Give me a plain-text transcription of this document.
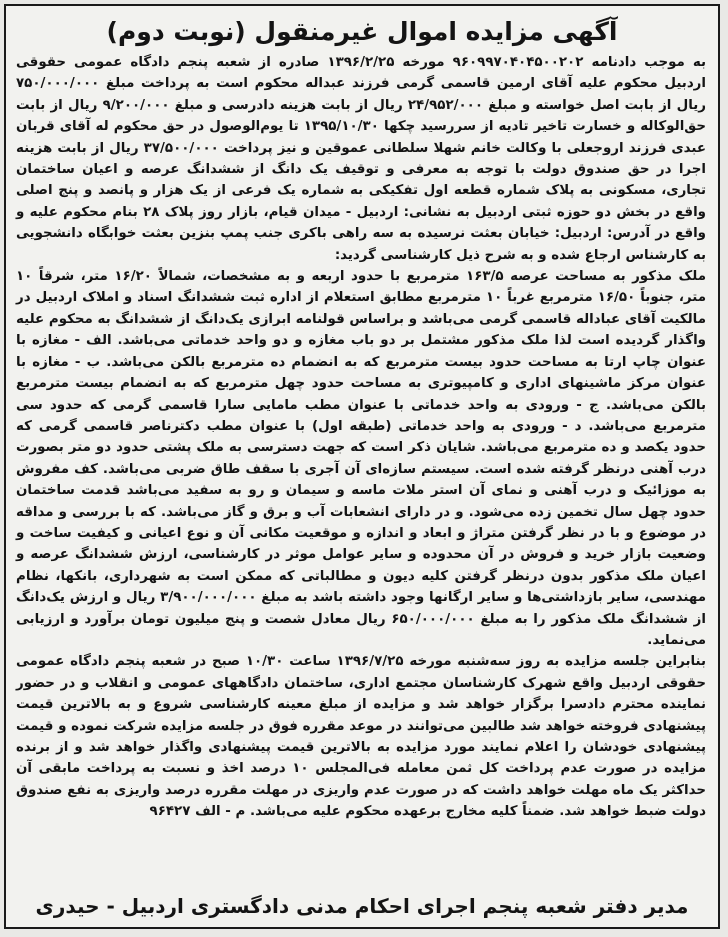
آگهی مزایده اموال غیرمنقول (نوبت دوم)

به موجب دادنامه ۹۶۰۹۹۷۰۴۰۴۵۰۰۲۰۲ مورخه ۱۳۹۶/۲/۲۵ صادره از شعبه پنجم دادگاه عمومی حقوقی اردبیل محکوم علیه آقای ارمین قاسمی گرمی فرزند عبداله محکوم است به پرداخت مبلغ ۷۵۰/۰۰۰/۰۰۰ ریال از بابت اصل خواسته و مبلغ ۲۴/۹۵۲/۰۰۰ ریال از بابت هزینه دادرسی و مبلغ ۹/۲۰۰/۰۰۰ ریال از بابت حق‌الوکاله و خسارت تاخیر تادیه از سررسید چکها ۱۳۹۵/۱۰/۳۰ تا یوم‌الوصول در حق محکوم له آقای قربان عبدی فرزند اروجعلی با وکالت خانم شهلا سلطانی عموقین و نیز پرداخت ۳۷/۵۰۰/۰۰۰ ریال از بابت هزینه اجرا در حق صندوق دولت با توجه به معرفی و توقیف یک دانگ از ششدانگ عرصه و اعیان ساختمان تجاری، مسکونی به پلاک شماره قطعه اول تفکیکی به شماره یک فرعی از یک هزار و پانصد و پنج اصلی واقع در بخش دو حوزه ثبتی اردبیل به نشانی: اردبیل - میدان قیام، بازار روز پلاک ۲۸ بنام محکوم علیه و واقع در آدرس: اردبیل: خیابان بعثت نرسیده به سه راهی باکری جنب پمپ بنزین بعثت خوابگاه دانشجویی به کارشناس ارجاع شده و به شرح ذیل کارشناسی گردید:

ملک مذکور به مساحت عرصه ۱۶۳/۵ مترمربع با حدود اربعه و به مشخصات، شمالاً ۱۶/۲۰ متر، شرقاً ۱۰ متر، جنوباً ۱۶/۵۰ مترمربع غرباً ۱۰ مترمربع مطابق استعلام از اداره ثبت ششدانگ اسناد و املاک اردبیل در مالکیت آقای عباداله قاسمی گرمی می‌باشد و براساس قولنامه ابرازی یک‌دانگ از ششدانگ به محکوم علیه واگذار گردیده است لذا ملک مذکور مشتمل بر دو باب مغازه و دو واحد خدماتی می‌باشد. الف - مغازه با عنوان چاپ ارتا به مساحت حدود بیست مترمربع که به انضمام ده مترمربع بالکن می‌باشد. ب - مغازه با عنوان مرکز ماشینهای اداری و کامپیوتری به مساحت حدود چهل مترمربع که به انضمام بیست مترمربع بالکن می‌باشد. ج - ورودی به واحد خدماتی با عنوان مطب مامایی سارا قاسمی گرمی که حدود سی مترمربع می‌باشد. د - ورودی به واحد خدماتی (طبقه اول) با عنوان مطب دکترناصر قاسمی گرمی که حدود یکصد و ده مترمربع می‌باشد. شایان ذکر است که جهت دسترسی به ملک پشتی حدود دو متر بصورت درب آهنی درنظر گرفته شده است. سیستم سازه‌ای آن آجری با سقف طاق ضربی می‌باشد. کف مفروش به موزائیک و درب آهنی و نمای آن استر ملات ماسه و سیمان و رو به سفید می‌باشد قدمت ساختمان حدود چهل سال تخمین زده می‌شود. و در دارای انشعابات آب و برق و گاز می‌باشد. که با بررسی و مداقه در موضوع و با در نظر گرفتن متراژ و ابعاد و اندازه و موقعیت مکانی آن و نوع اعیانی و کیفیت ساخت و وضعیت بازار خرید و فروش در آن محدوده و سایر عوامل موثر در کارشناسی، ارزش ششدانگ عرصه و اعیان ملک مذکور بدون درنظر گرفتن کلیه دیون و مطالباتی که ممکن است به شهرداری، بانکها، نظام مهندسی، سایر بازداشتی‌ها و سایر ارگانها وجود داشته باشد به مبلغ ۳/۹۰۰/۰۰۰/۰۰۰ ریال و ارزش یک‌دانگ از ششدانگ ملک مذکور را به مبلغ ۶۵۰/۰۰۰/۰۰۰ ریال معادل شصت و پنج میلیون تومان برآورد و ارزیابی می‌نماید.

بنابراین جلسه مزایده به روز سه‌شنبه مورخه ۱۳۹۶/۷/۲۵ ساعت ۱۰/۳۰ صبح در شعبه پنجم دادگاه عمومی حقوقی اردبیل واقع شهرک کارشناسان مجتمع اداری، ساختمان دادگاههای عمومی و انقلاب و در حضور نماینده محترم دادسرا برگزار خواهد شد و مزایده از مبلغ معینه کارشناسی شروع و به بالاترین قیمت پیشنهادی فروخته خواهد شد طالبین می‌توانند در موعد مقرره فوق در جلسه مزایده شرکت نموده و قیمت پیشنهادی خودشان را اعلام نمایند مورد مزایده به بالاترین قیمت پیشنهادی واگذار خواهد شد و از برنده مزایده در صورت عدم پرداخت کل ثمن معامله فی‌المجلس ۱۰ درصد اخذ و نسبت به پرداخت مابقی آن حداکثر یک ماه مهلت خواهد داشت که در صورت عدم واریزی در مهلت مقرره درصد واریزی به نفع صندوق دولت ضبط خواهد شد. ضمناً کلیه مخارج برعهده محکوم علیه می‌باشد. م - الف ۹۶۴۲۷

مدیر دفتر شعبه پنجم اجرای احکام مدنی دادگستری اردبیل - حیدری
